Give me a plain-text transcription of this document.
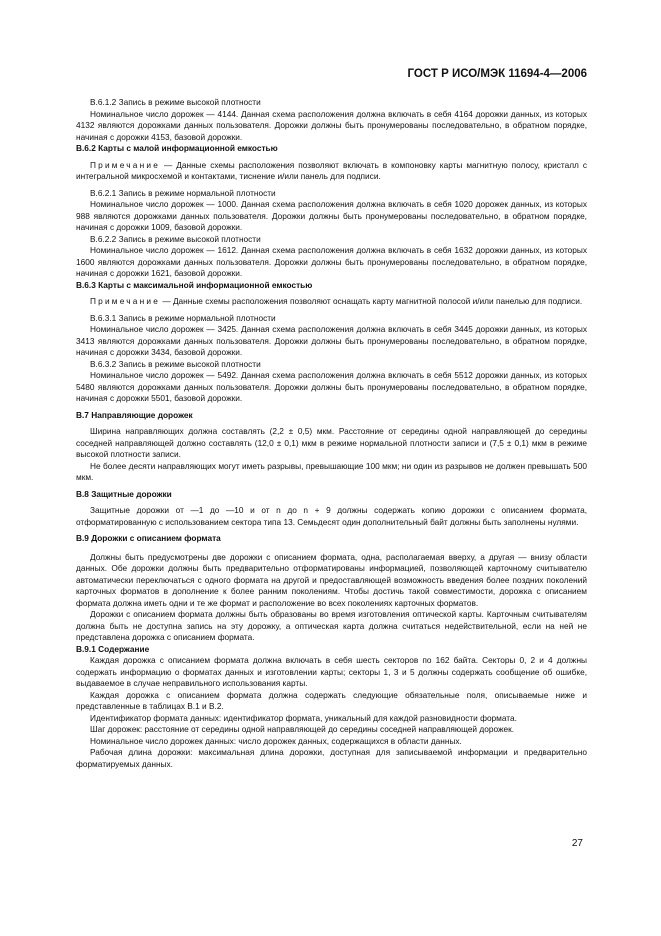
ГОСТ Р ИСО/МЭК 11694-4—2006

В.6.1.2 Запись в режиме высокой плотности

Номинальное число дорожек — 4144. Данная схема расположения должна включать в себя 4164 дорожки данных, из которых 4132 являются дорожками данных пользователя. Дорожки должны быть пронумерованы последовательно, в обратном порядке, начиная с дорожки 4153, базовой дорожки.

В.6.2 Карты с малой информационной емкостью

Примечание — Данные схемы расположения позволяют включать в компоновку карты магнитную полосу, кристалл с интегральной микросхемой и контактами, тиснение и/или панель для подписи.

В.6.2.1 Запись в режиме нормальной плотности

Номинальное число дорожек — 1000. Данная схема расположения должна включать в себя 1020 дорожек данных, из которых 988 являются дорожками данных пользователя. Дорожки должны быть пронумерованы последовательно, в обратном порядке, начиная с дорожки 1009, базовой дорожки.

В.6.2.2 Запись в режиме высокой плотности

Номинальное число дорожек — 1612. Данная схема расположения должна включать в себя 1632 дорожки данных, из которых 1600 являются дорожками данных пользователя. Дорожки должны быть пронумерованы последовательно, в обратном порядке, начиная с дорожки 1621, базовой дорожки.

В.6.3 Карты с максимальной информационной емкостью

Примечание — Данные схемы расположения позволяют оснащать карту магнитной полосой и/или панелью для подписи.

В.6.3.1 Запись в режиме нормальной плотности

Номинальное число дорожек — 3425. Данная схема расположения должна включать в себя 3445 дорожки данных, из которых 3413 являются дорожками данных пользователя. Дорожки должны быть пронумерованы последовательно, в обратном порядке, начиная с дорожки 3434, базовой дорожки.

В.6.3.2 Запись в режиме высокой плотности

Номинальное число дорожек — 5492. Данная схема расположения должна включать в себя 5512 дорожки данных, из которых 5480 являются дорожками данных пользователя. Дорожки должны быть пронумерованы последовательно, в обратном порядке, начиная с дорожки 5501, базовой дорожки.

В.7 Направляющие дорожек

Ширина направляющих должна составлять (2,2 ± 0,5) мкм. Расстояние от середины одной направляющей до середины соседней направляющей должно составлять (12,0 ± 0,1) мкм в режиме нормальной плотности записи и (7,5 ± 0,1) мкм в режиме высокой плотности записи.

Не более десяти направляющих могут иметь разрывы, превышающие 100 мкм; ни один из разрывов не должен превышать 500 мкм.

В.8 Защитные дорожки

Защитные дорожки от —1 до —10 и от n до n + 9 должны содержать копию дорожки с описанием формата, отформатированную с использованием сектора типа 13. Семьдесят один дополнительный байт должны быть заполнены нулями.

В.9 Дорожки с описанием формата

Должны быть предусмотрены две дорожки с описанием формата, одна, располагаемая вверху, а другая — внизу области данных. Обе дорожки должны быть предварительно отформатированы информацией, позволяющей карточному считывателю автоматически переключаться с одного формата на другой и предоставляющей возможность введения более поздних поколений карточных форматов в дополнение к более ранним поколениям. Чтобы достичь такой совместимости, дорожка с описанием формата должна иметь одни и те же формат и расположение во всех поколениях карточных форматов.

Дорожки с описанием формата должны быть образованы во время изготовления оптической карты. Карточным считывателям должна быть не доступна запись на эту дорожку, а оптическая карта должна считаться недействительной, если на ней не представлена дорожка с описанием формата.

В.9.1 Содержание

Каждая дорожка с описанием формата должна включать в себя шесть секторов по 162 байта. Секторы 0, 2 и 4 должны содержать информацию о форматах данных и изготовлении карты; секторы 1, 3 и 5 должны содержать сообщение об ошибке, выдаваемое в случае неправильного использования карты.

Каждая дорожка с описанием формата должна содержать следующие обязательные поля, описываемые ниже и представленные в таблицах В.1 и В.2.

Идентификатор формата данных: идентификатор формата, уникальный для каждой разновидности формата.

Шаг дорожек: расстояние от середины одной направляющей до середины соседней направляющей дорожек.

Номинальное число дорожек данных: число дорожек данных, содержащихся в области данных.

Рабочая длина дорожки: максимальная длина дорожки, доступная для записываемой информации и предварительно форматируемых данных.

27
